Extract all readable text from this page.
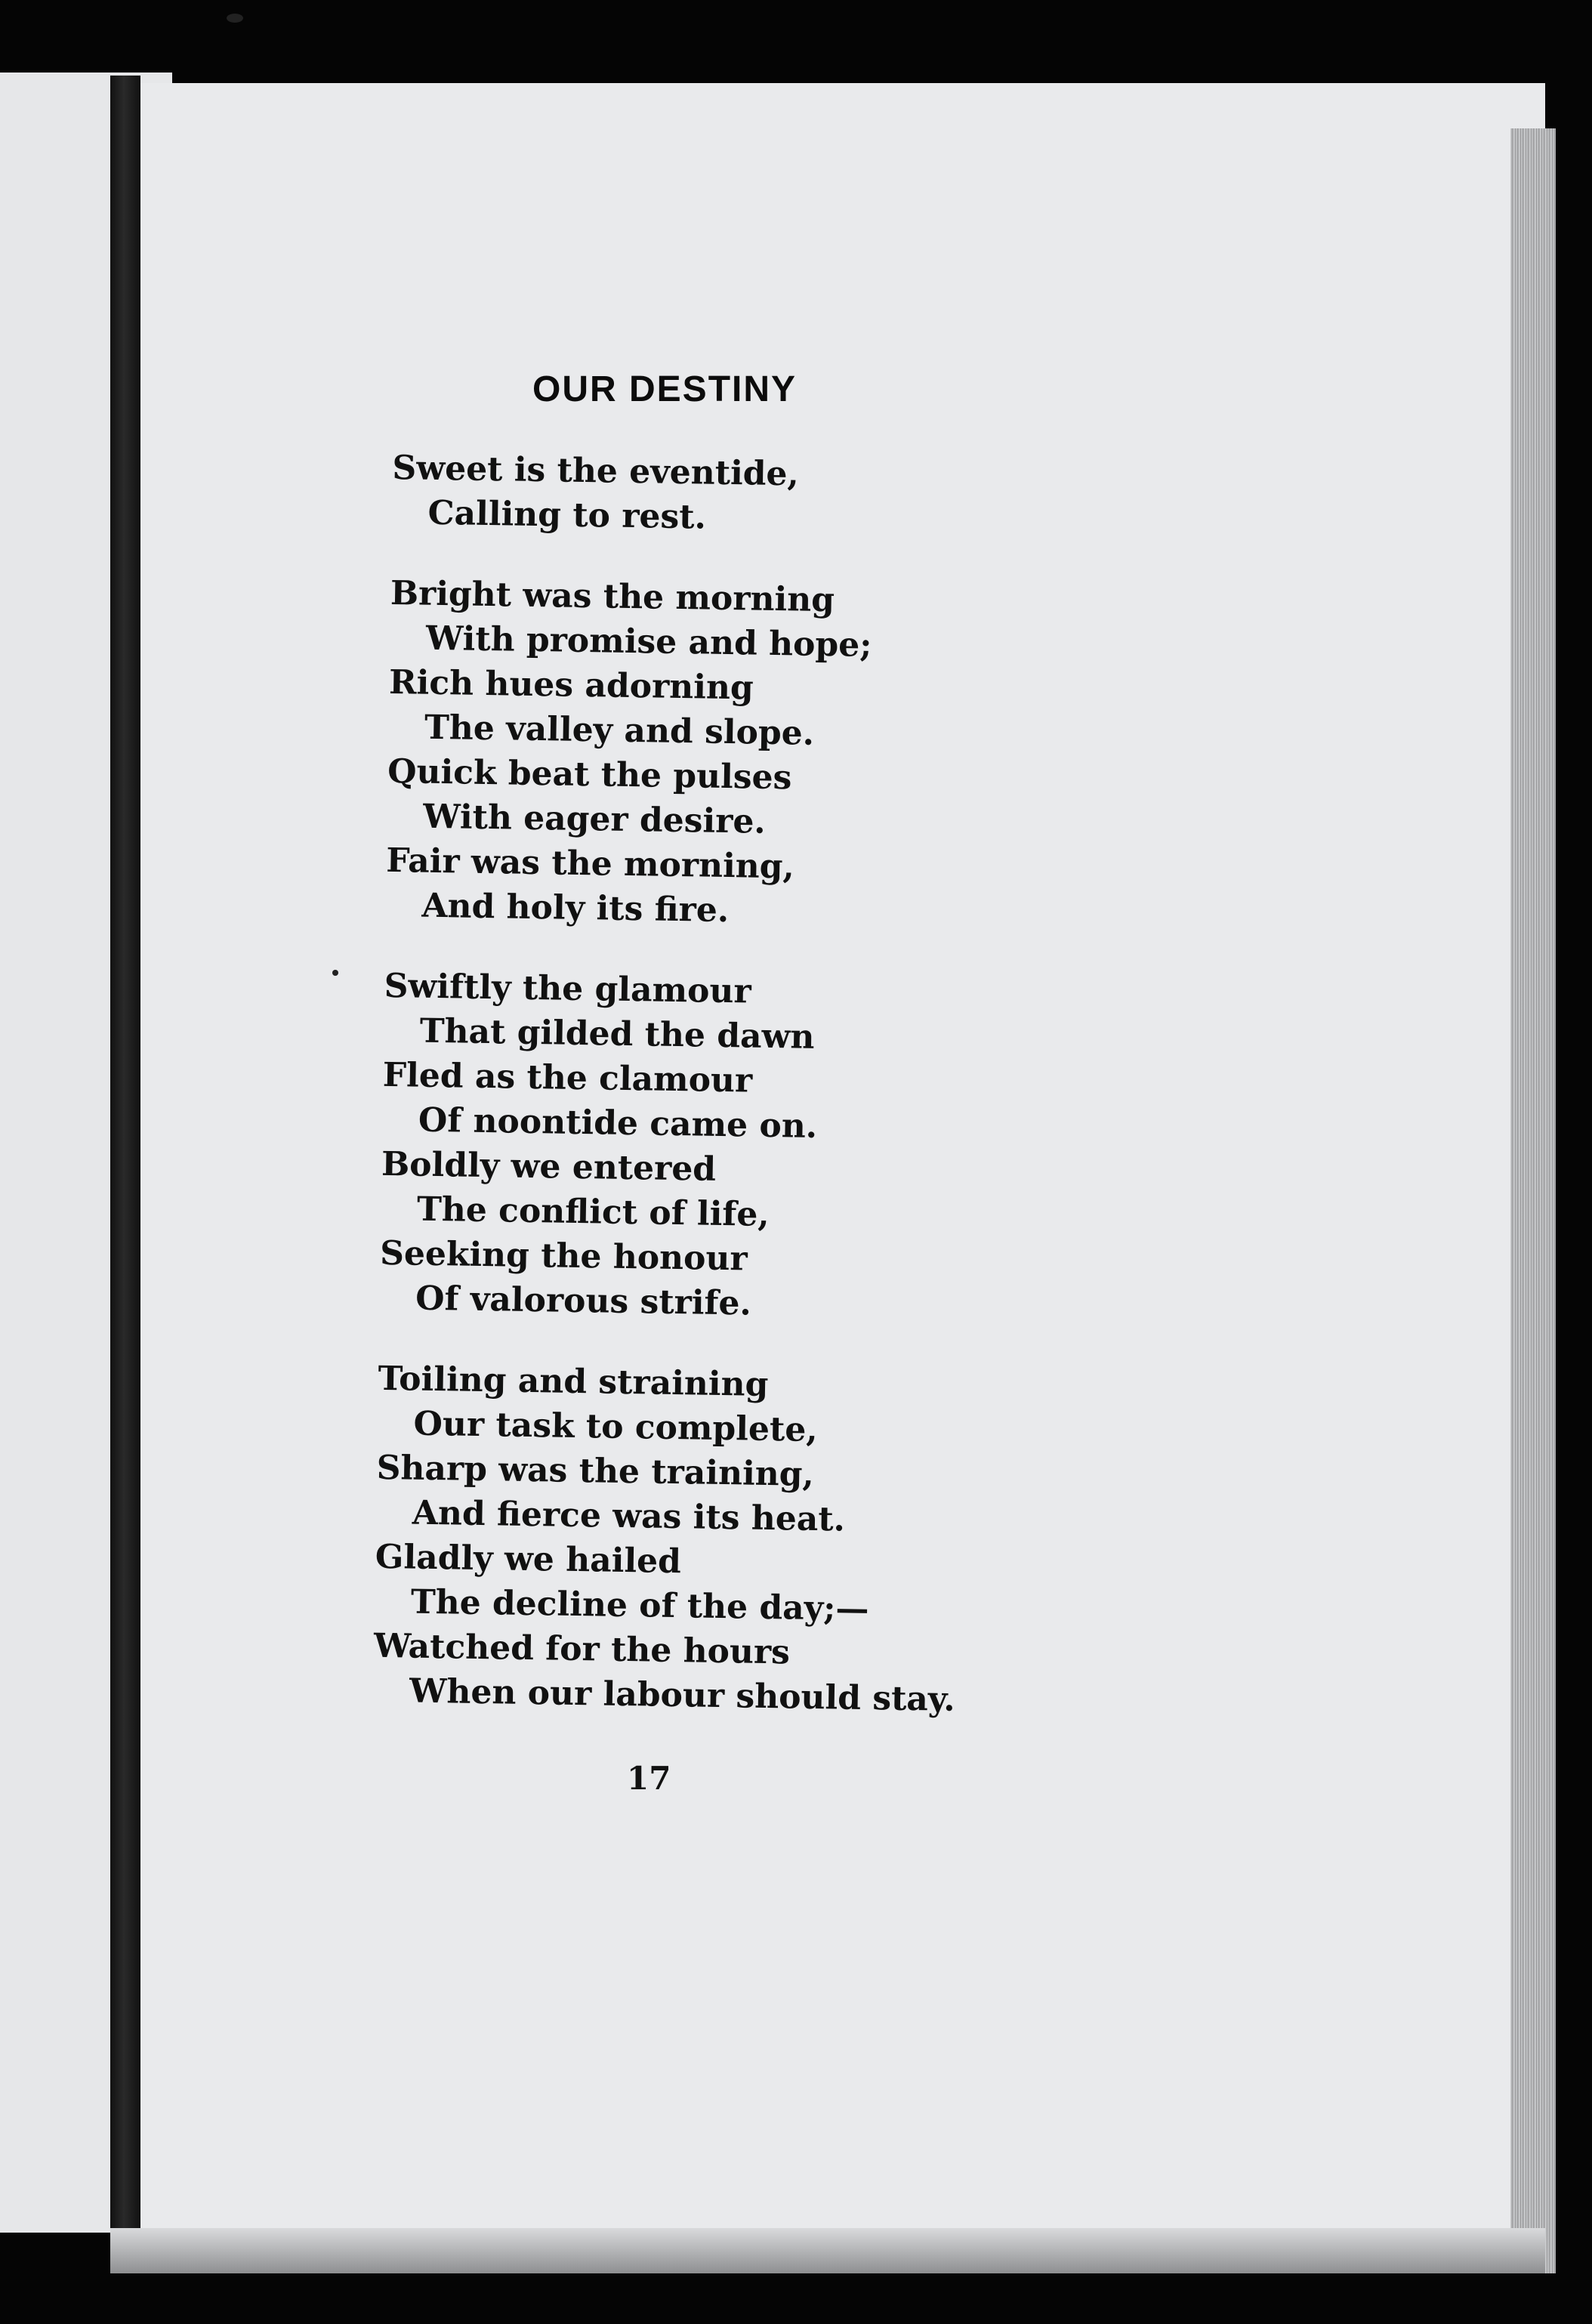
OUR DESTINY
Sweet is the eventide,
Calling to rest.
Bright was the morning
With promise and hope;
Rich hues adorning
The valley and slope.
Quick beat the pulses
With eager desire.
Fair was the morning,
And holy its fire.
Swiftly the glamour
That gilded the dawn
Fled as the clamour
Of noontide came on.
Boldly we entered
The conflict of life,
Seeking the honour
Of valorous strife.
Toiling and straining
Our task to complete,
Sharp was the training,
And fierce was its heat.
Gladly we hailed
The decline of the day;—
Watched for the hours
When our labour should stay.
17
